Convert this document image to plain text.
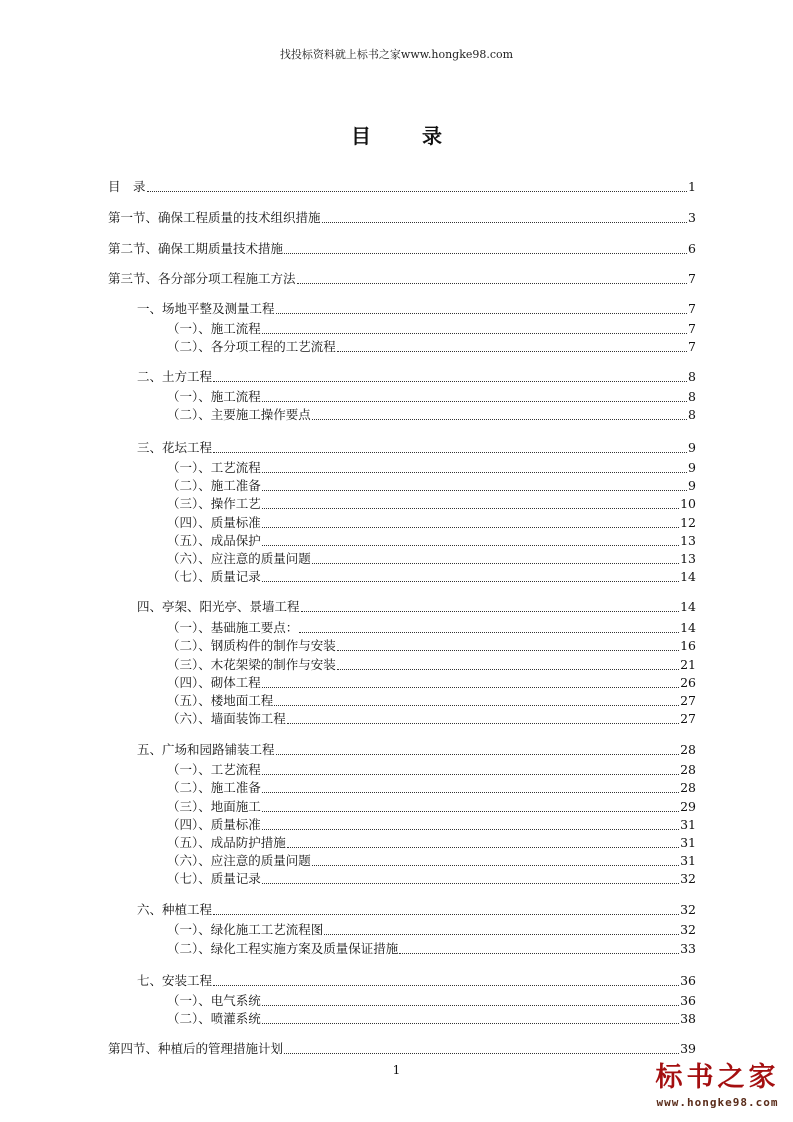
找投标资料就上标书之家www.hongke98.com
目 录
目　录	1
第一节、确保工程质量的技术组织措施	3
第二节、确保工期质量技术措施	6
第三节、各分部分项工程施工方法	7
一、场地平整及测量工程	7
（一）、施工流程	7
（二）、各分项工程的工艺流程	7
二、土方工程	8
（一）、施工流程	8
（二）、主要施工操作要点	8
三、花坛工程	9
（一）、工艺流程	9
（二）、施工准备	9
（三）、操作工艺	10
（四）、质量标准	12
（五）、成品保护	13
（六）、应注意的质量问题	13
（七）、质量记录	14
四、亭架、阳光亭、景墙工程	14
（一）、基础施工要点：	14
（二）、钢质构件的制作与安装	16
（三）、木花架梁的制作与安装	21
（四）、砌体工程	26
（五）、楼地面工程	27
（六）、墙面装饰工程	27
五、广场和园路铺装工程	28
（一）、工艺流程	28
（二）、施工准备	28
（三）、地面施工	29
（四）、质量标准	31
（五）、成品防护措施	31
（六）、应注意的质量问题	31
（七）、质量记录	32
六、种植工程	32
（一）、绿化施工工艺流程图	32
（二）、绿化工程实施方案及质量保证措施	33
七、安装工程	36
（一）、电气系统	36
（二）、喷灌系统	38
第四节、种植后的管理措施计划	39
1	标书之家
www.hongke98.com
